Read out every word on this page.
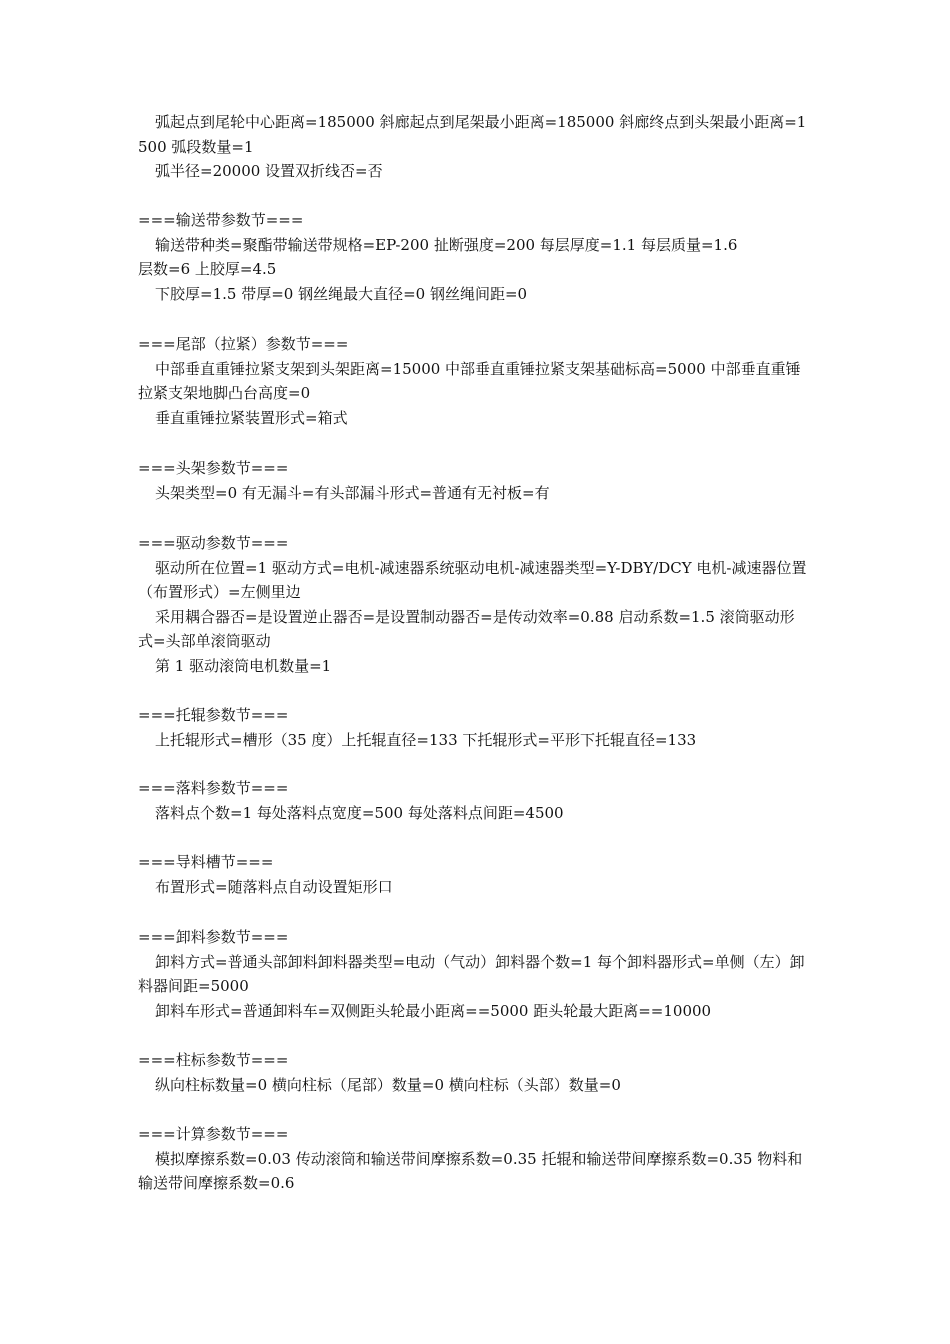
弧起点到尾轮中心距离=185000 斜廊起点到尾架最小距离=185000 斜廊终点到头架最小距离=1500 弧段数量=1

弧半径=20000 设置双折线否=否

===输送带参数节===

输送带种类=聚酯带输送带规格=EP-200 扯断强度=200 每层厚度=1.1 每层质量=1.6

层数=6 上胶厚=4.5

下胶厚=1.5 带厚=0 钢丝绳最大直径=0 钢丝绳间距=0

===尾部（拉紧）参数节===

中部垂直重锤拉紧支架到头架距离=15000 中部垂直重锤拉紧支架基础标高=5000 中部垂直重锤拉紧支架地脚凸台高度=0

垂直重锤拉紧装置形式=箱式

===头架参数节===

头架类型=0 有无漏斗=有头部漏斗形式=普通有无衬板=有

===驱动参数节===

驱动所在位置=1 驱动方式=电机-减速器系统驱动电机-减速器类型=Y-DBY/DCY 电机-减速器位置（布置形式）=左侧里边

采用耦合器否=是设置逆止器否=是设置制动器否=是传动效率=0.88 启动系数=1.5 滚筒驱动形式=头部单滚筒驱动

第 1 驱动滚筒电机数量=1

===托辊参数节===

上托辊形式=槽形（35 度）上托辊直径=133 下托辊形式=平形下托辊直径=133

===落料参数节===

落料点个数=1 每处落料点宽度=500 每处落料点间距=4500

===导料槽节===

布置形式=随落料点自动设置矩形口

===卸料参数节===

卸料方式=普通头部卸料卸料器类型=电动（气动）卸料器个数=1 每个卸料器形式=单侧（左）卸料器间距=5000

卸料车形式=普通卸料车=双侧距头轮最小距离==5000 距头轮最大距离==10000

===柱标参数节===

纵向柱标数量=0 横向柱标（尾部）数量=0 横向柱标（头部）数量=0

===计算参数节===

模拟摩擦系数=0.03 传动滚筒和输送带间摩擦系数=0.35 托辊和输送带间摩擦系数=0.35 物料和输送带间摩擦系数=0.6
